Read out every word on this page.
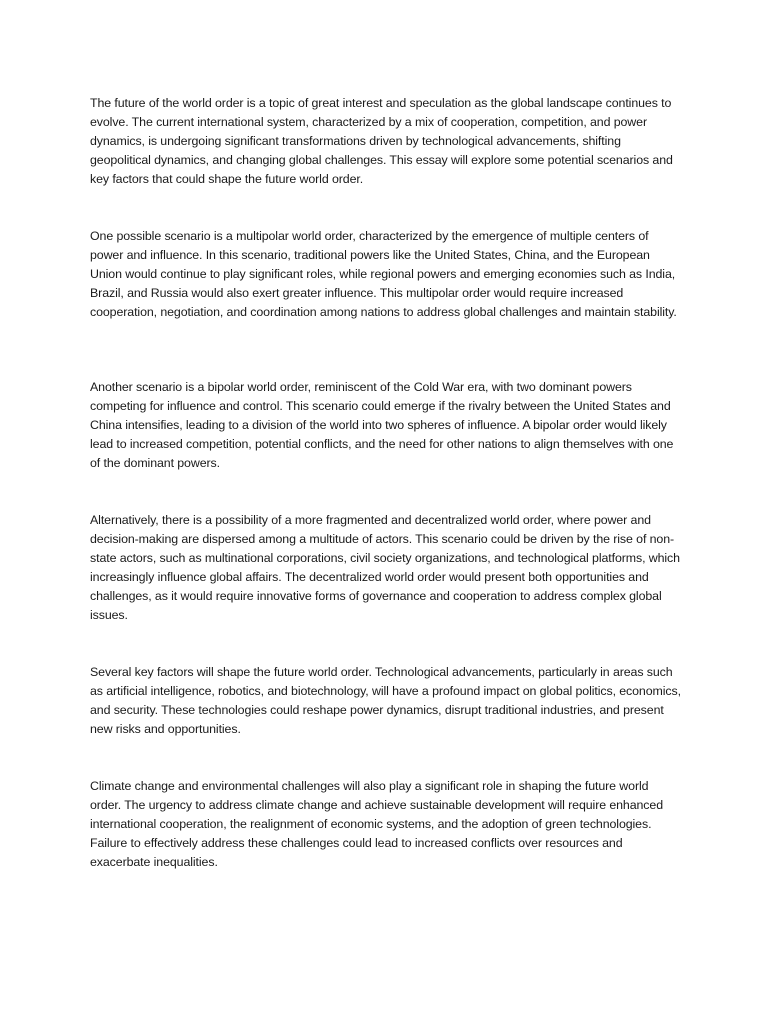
The future of the world order is a topic of great interest and speculation as the global landscape continues to evolve. The current international system, characterized by a mix of cooperation, competition, and power dynamics, is undergoing significant transformations driven by technological advancements, shifting geopolitical dynamics, and changing global challenges. This essay will explore some potential scenarios and key factors that could shape the future world order.

One possible scenario is a multipolar world order, characterized by the emergence of multiple centers of power and influence. In this scenario, traditional powers like the United States, China, and the European Union would continue to play significant roles, while regional powers and emerging economies such as India, Brazil, and Russia would also exert greater influence. This multipolar order would require increased cooperation, negotiation, and coordination among nations to address global challenges and maintain stability.

Another scenario is a bipolar world order, reminiscent of the Cold War era, with two dominant powers competing for influence and control. This scenario could emerge if the rivalry between the United States and China intensifies, leading to a division of the world into two spheres of influence. A bipolar order would likely lead to increased competition, potential conflicts, and the need for other nations to align themselves with one of the dominant powers.

Alternatively, there is a possibility of a more fragmented and decentralized world order, where power and decision-making are dispersed among a multitude of actors. This scenario could be driven by the rise of non-state actors, such as multinational corporations, civil society organizations, and technological platforms, which increasingly influence global affairs. The decentralized world order would present both opportunities and challenges, as it would require innovative forms of governance and cooperation to address complex global issues.

Several key factors will shape the future world order. Technological advancements, particularly in areas such as artificial intelligence, robotics, and biotechnology, will have a profound impact on global politics, economics, and security. These technologies could reshape power dynamics, disrupt traditional industries, and present new risks and opportunities.

Climate change and environmental challenges will also play a significant role in shaping the future world order. The urgency to address climate change and achieve sustainable development will require enhanced international cooperation, the realignment of economic systems, and the adoption of green technologies. Failure to effectively address these challenges could lead to increased conflicts over resources and exacerbate inequalities.
